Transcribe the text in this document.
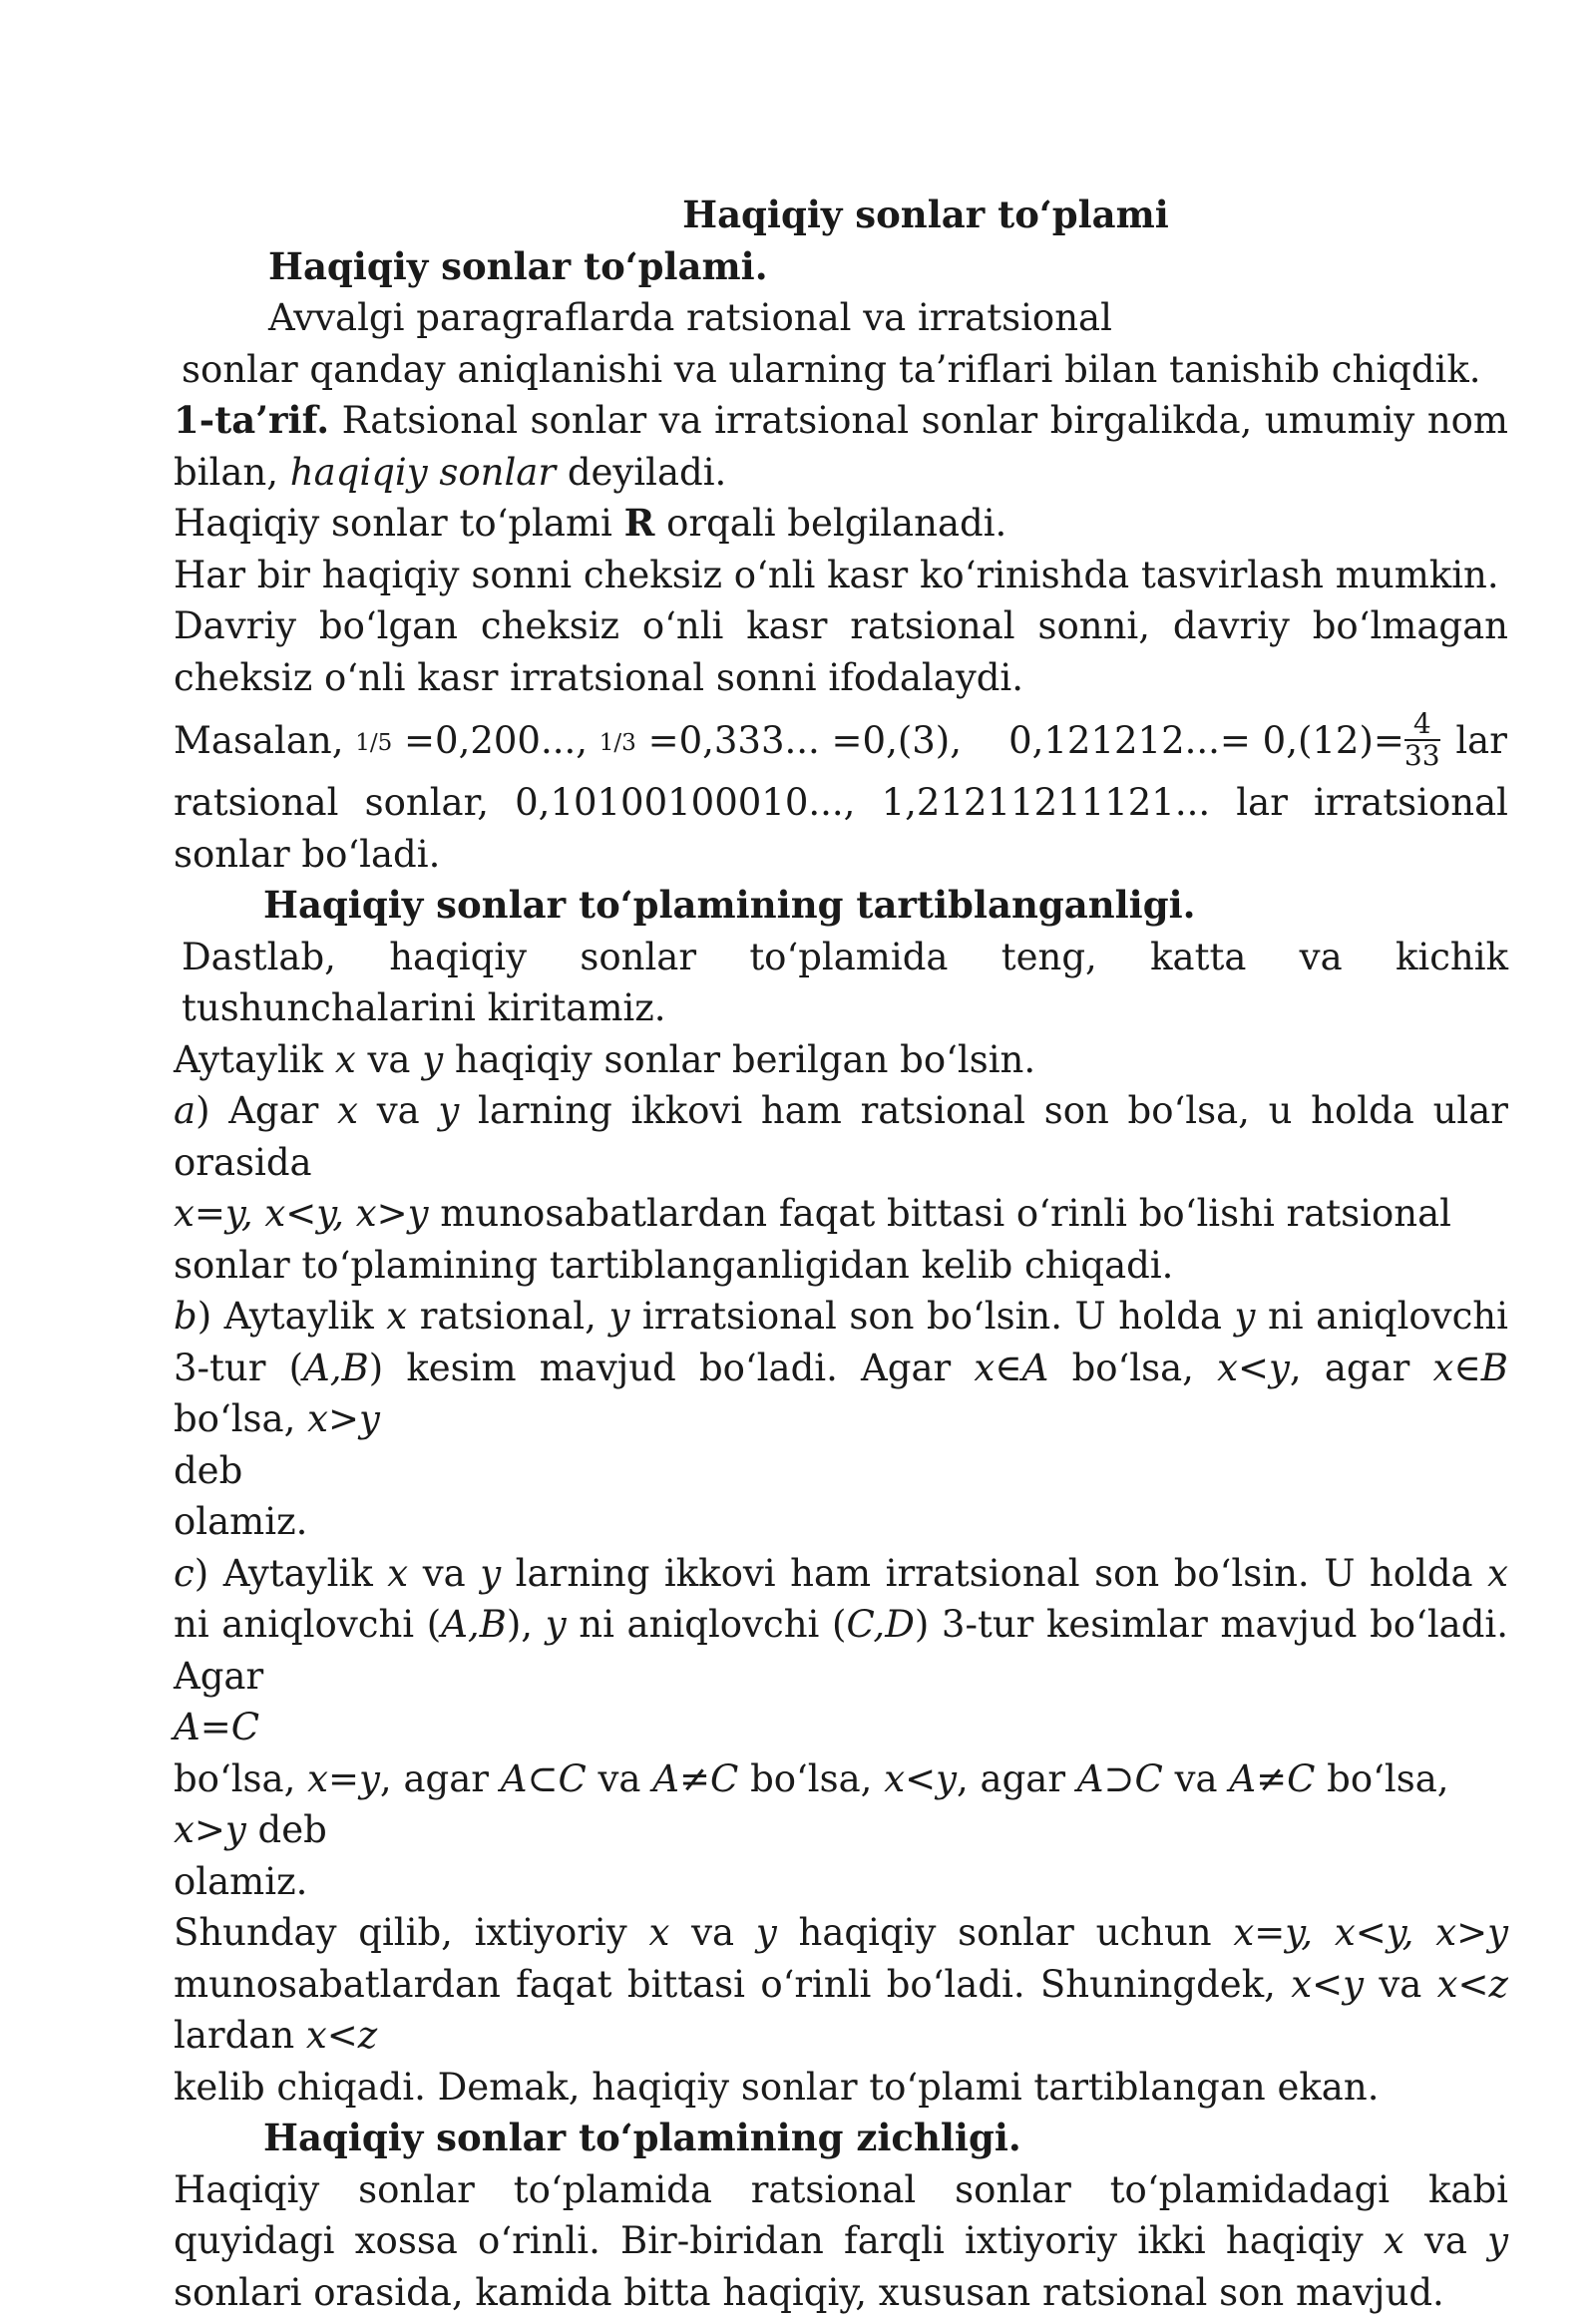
Haqiqiy sonlar to‘plami

Haqiqiy sonlar to‘plami.

Avvalgi paragraflarda ratsional va irratsional

sonlar qanday aniqlanishi va ularning ta’riflari bilan tanishib chiqdik.

1-ta’rif. Ratsional sonlar va irratsional sonlar birgalikda, umumiy nom bilan, haqiqiy sonlar deyiladi.

Haqiqiy sonlar to‘plami R orqali belgilanadi.

Har bir haqiqiy sonni cheksiz o‘nli kasr ko‘rinishda tasvirlash mumkin.

Davriy bo‘lgan cheksiz o‘nli kasr ratsional sonni, davriy bo‘lmagan cheksiz o‘nli kasr irratsional sonni ifodalaydi.

Masalan, 1/5 =0,200..., 1/3 =0,333... =0,(3), $0,121212...= 0,(12)= \frac{4}{33}$ lar

ratsional sonlar, 0,10100100010..., 1,21211211121... lar irratsional sonlar bo‘ladi.

Haqiqiy sonlar to‘plamining tartiblanganligi.

Dastlab, haqiqiy sonlar to‘plamida teng, katta va kichik tushunchalarini kiritamiz.

Aytaylik x va y haqiqiy sonlar berilgan bo‘lsin.

a) Agar x va y larning ikkovi ham ratsional son bo‘lsa, u holda ular orasida

x=y, x<y, x>y munosabatlardan faqat bittasi o‘rinli bo‘lishi ratsional sonlar to‘plamining tartiblanganligidan kelib chiqadi.

b) Aytaylik x ratsional, y irratsional son bo‘lsin. U holda y ni aniqlovchi 3-tur (A,B) kesim mavjud bo‘ladi. Agar x∈A bo‘lsa, x<y, agar x∈B bo‘lsa, x>y
deb

olamiz.

c) Aytaylik x va y larning ikkovi ham irratsional son bo‘lsin. U holda x ni aniqlovchi (A,B), y ni aniqlovchi (C,D) 3-tur kesimlar mavjud bo‘ladi. Agar
A=C

bo‘lsa, x=y, agar A⊂C va A≠C bo‘lsa, x<y, agar A⊃C va A≠C bo‘lsa, x>y deb

olamiz.

Shunday qilib, ixtiyoriy x va y haqiqiy sonlar uchun x=y, x<y, x>y

munosabatlardan faqat bittasi o‘rinli bo‘ladi. Shuningdek, x<y va x<z

lardan x<z

kelib chiqadi. Demak, haqiqiy sonlar to‘plami tartiblangan ekan.

Haqiqiy sonlar to‘plamining zichligi.

Haqiqiy sonlar to‘plamida ratsional sonlar to‘plamidadagi kabi quyidagi xossa o‘rinli. Bir-biridan farqli ixtiyoriy ikki haqiqiy x va y sonlari orasida, kamida bitta haqiqiy, xususan ratsional son mavjud.
